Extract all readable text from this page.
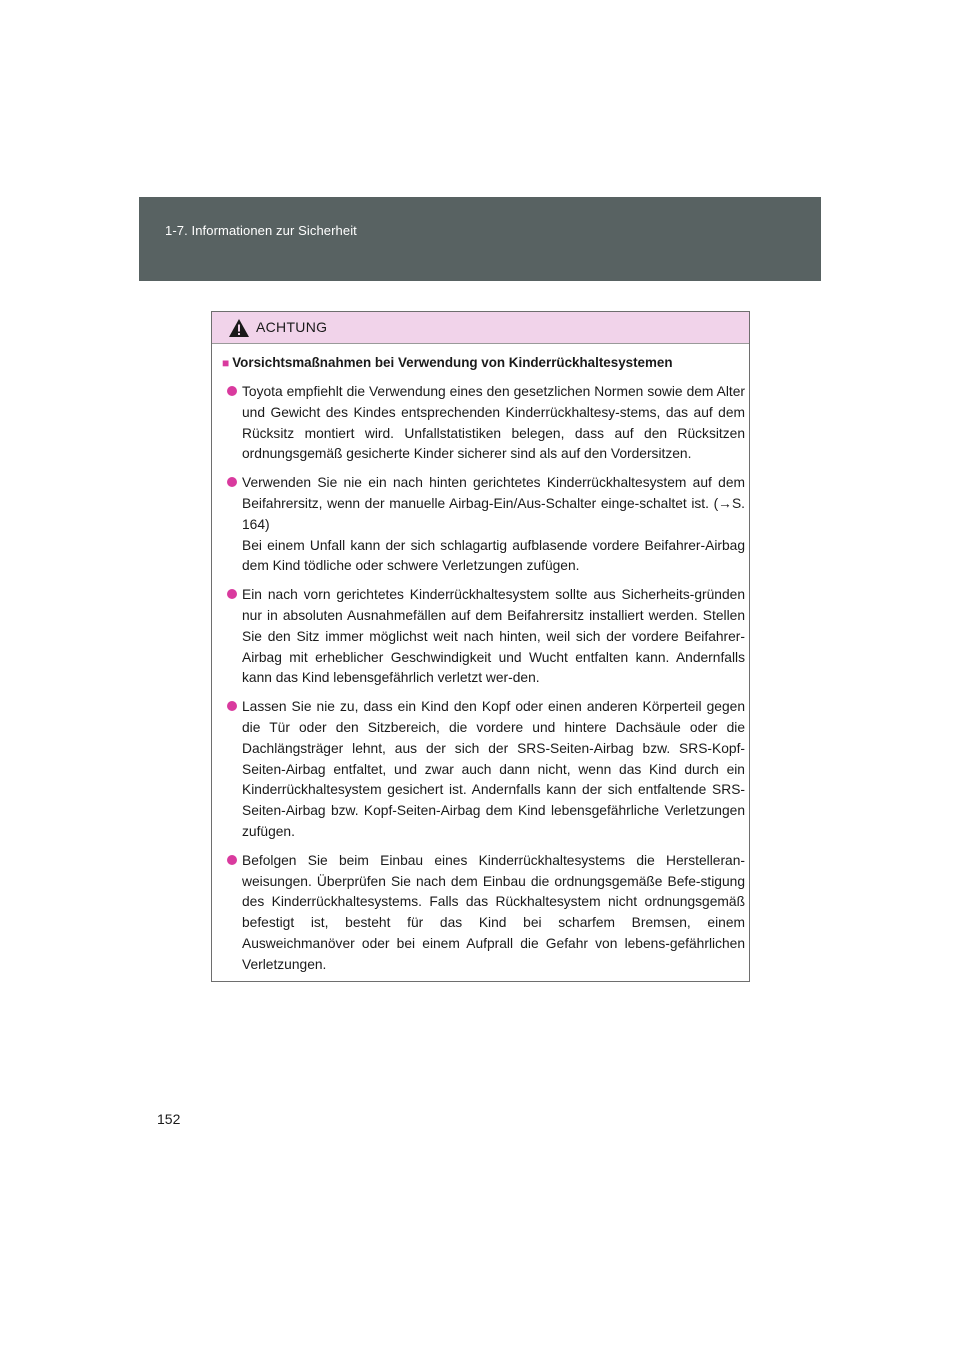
1-7. Informationen zur Sicherheit
ACHTUNG
■ Vorsichtsmaßnahmen bei Verwendung von Kinderrückhaltesystemen

Toyota empfiehlt die Verwendung eines den gesetzlichen Normen sowie dem Alter und Gewicht des Kindes entsprechenden Kinderrückhaltesy-stems, das auf dem Rücksitz montiert wird. Unfallstatistiken belegen, dass auf den Rücksitzen ordnungsgemäß gesicherte Kinder sicherer sind als auf den Vordersitzen.

Verwenden Sie nie ein nach hinten gerichtetes Kinderrückhaltesystem auf dem Beifahrersitz, wenn der manuelle Airbag-Ein/Aus-Schalter einge-schaltet ist. (→S. 164)

Bei einem Unfall kann der sich schlagartig aufblasende vordere Beifahrer-Airbag dem Kind tödliche oder schwere Verletzungen zufügen.

Ein nach vorn gerichtetes Kinderrückhaltesystem sollte aus Sicherheits-gründen nur in absoluten Ausnahmefällen auf dem Beifahrersitz installiert werden. Stellen Sie den Sitz immer möglichst weit nach hinten, weil sich der vordere Beifahrer-Airbag mit erheblicher Geschwindigkeit und Wucht entfalten kann. Andernfalls kann das Kind lebensgefährlich verletzt wer-den.

Lassen Sie nie zu, dass ein Kind den Kopf oder einen anderen Körperteil gegen die Tür oder den Sitzbereich, die vordere und hintere Dachsäule oder die Dachlängsträger lehnt, aus der sich der SRS-Seiten-Airbag bzw. SRS-Kopf-Seiten-Airbag entfaltet, und zwar auch dann nicht, wenn das Kind durch ein Kinderrückhaltesystem gesichert ist. Andernfalls kann der sich entfaltende SRS-Seiten-Airbag bzw. Kopf-Seiten-Airbag dem Kind lebensgefährliche Verletzungen zufügen.

Befolgen Sie beim Einbau eines Kinderrückhaltesystems die Herstelleran-weisungen. Überprüfen Sie nach dem Einbau die ordnungsgemäße Befe-stigung des Kinderrückhaltesystems. Falls das Rückhaltesystem nicht ordnungsgemäß befestigt ist, besteht für das Kind bei scharfem Bremsen, einem Ausweichmanöver oder bei einem Aufprall die Gefahr von lebens-gefährlichen Verletzungen.

152
